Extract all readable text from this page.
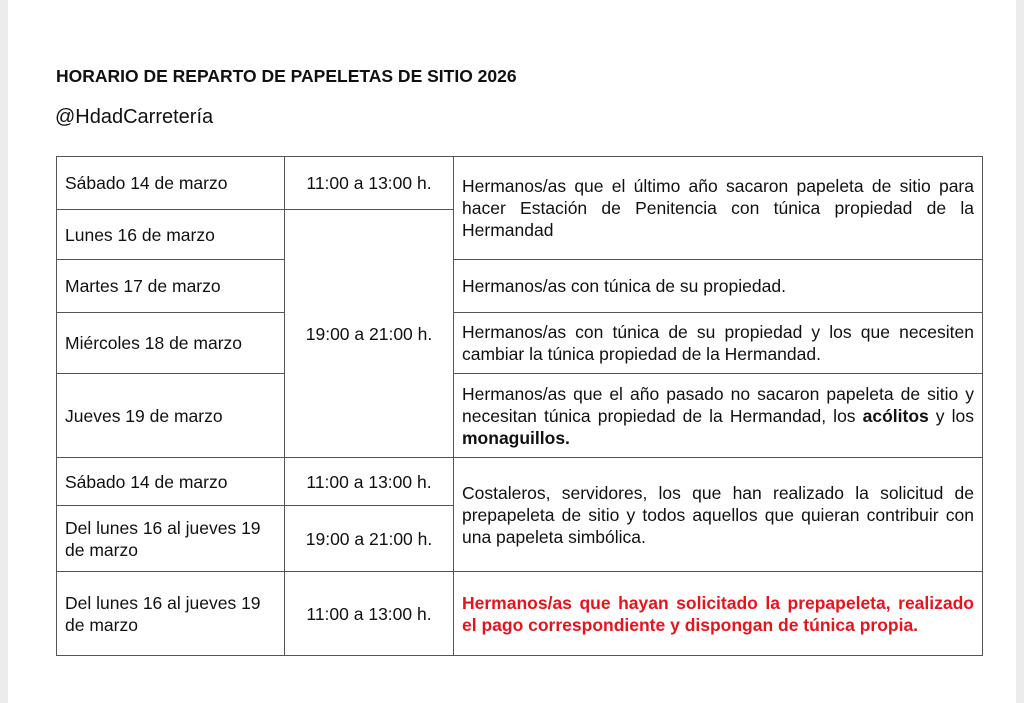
HORARIO DE REPARTO DE PAPELETAS DE SITIO 2026
@HdadCarretería
Sábado 14 de marzo	11:00 a 13:00 h.	Hermanos/as que el último año sacaron papeleta de sitio para hacer Estación de Penitencia con túnica propiedad de la Hermandad
Lunes 16 de marzo	19:00 a 21:00 h.	
Martes 17 de marzo		Hermanos/as con túnica de su propiedad.
Miércoles 18 de marzo		Hermanos/as con túnica de su propiedad y los que necesiten cambiar la túnica propiedad de la Hermandad.
Jueves 19 de marzo		Hermanos/as que el año pasado no sacaron papeleta de sitio y necesitan túnica propiedad de la Hermandad, los acólitos y los monaguillos.
Sábado 14 de marzo	11:00 a 13:00 h.	Costaleros, servidores, los que han realizado la solicitud de prepapeleta de sitio y todos aquellos que quieran contribuir con una papeleta simbólica.
Del lunes 16 al jueves 19 de marzo	19:00 a 21:00 h.	
Del lunes 16 al jueves 19 de marzo	11:00 a 13:00 h.	Hermanos/as que hayan solicitado la prepapeleta, realizado el pago correspondiente y dispongan de túnica propia.
